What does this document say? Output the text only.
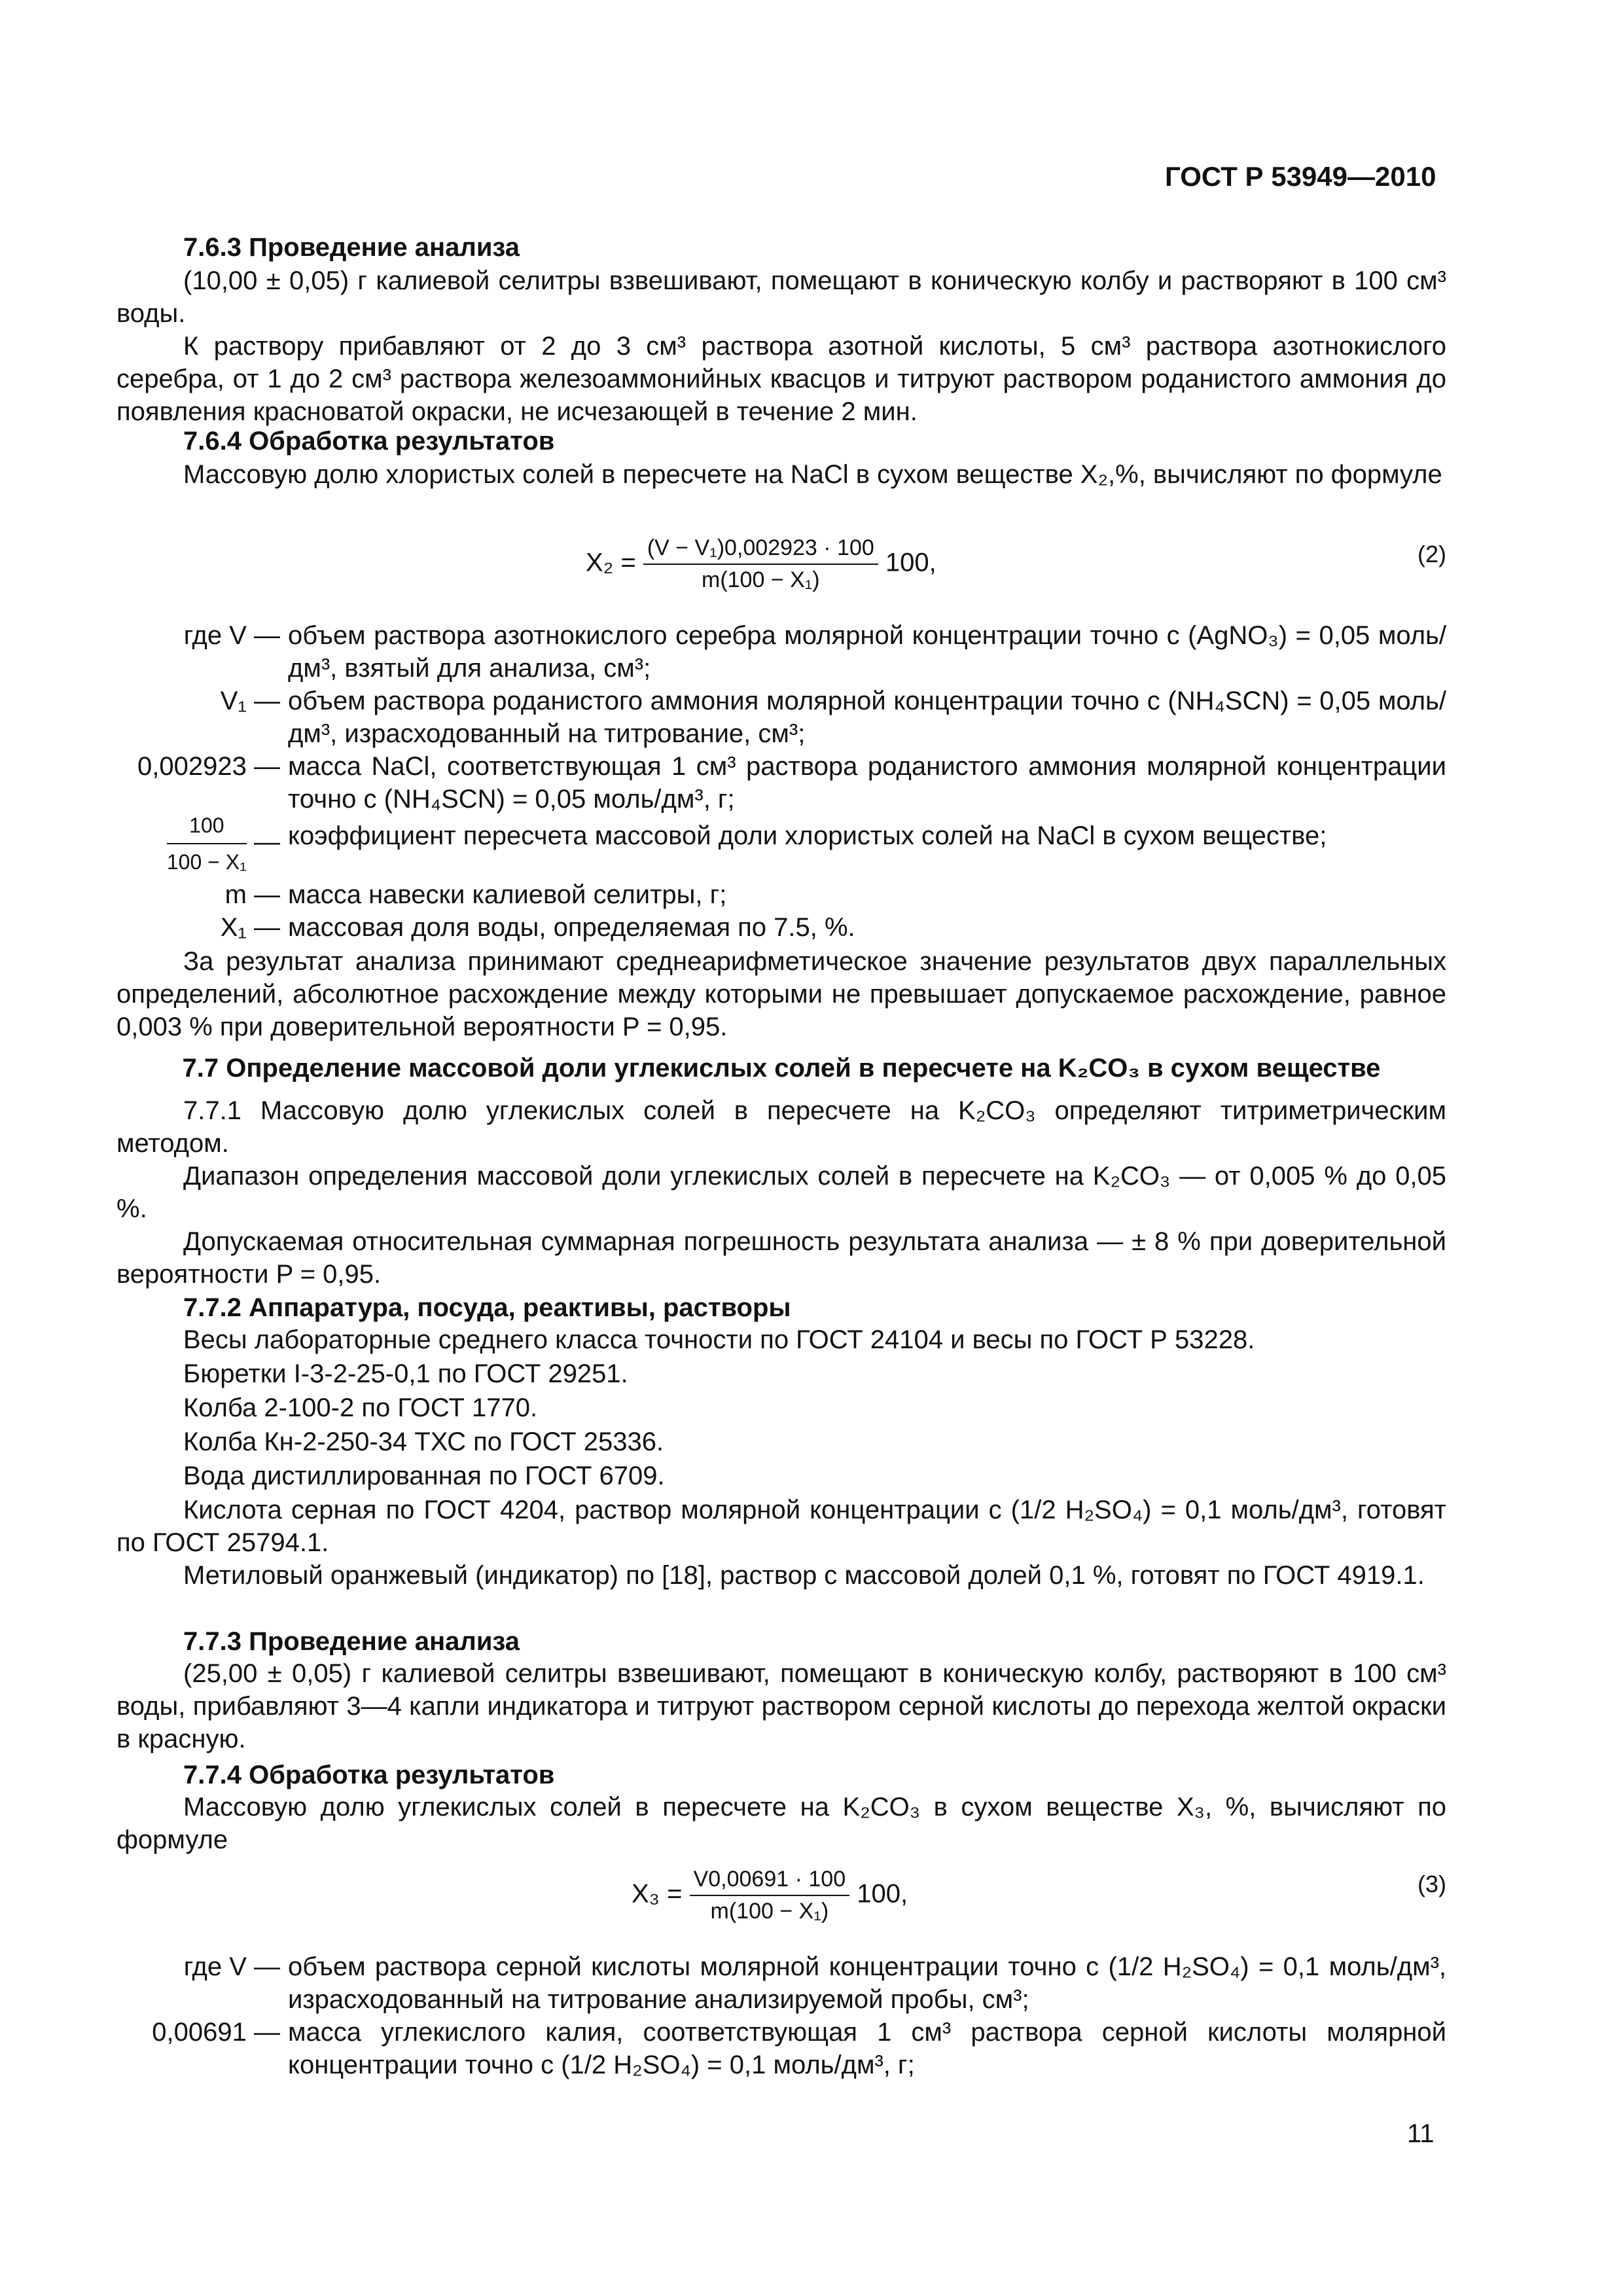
ГОСТ Р 53949—2010
7.6.3 Проведение анализа

(10,00 ± 0,05) г калиевой селитры взвешивают, помещают в коническую колбу и растворяют в 100 см³ воды.

К раствору прибавляют от 2 до 3 см³ раствора азотной кислоты, 5 см³ раствора азотнокислого серебра, от 1 до 2 см³ раствора железоаммонийных квасцов и титруют раствором роданистого аммония до появления красноватой окраски, не исчезающей в течение 2 мин.

7.6.4 Обработка результатов

Массовую долю хлористых солей в пересчете на NaCl в сухом веществе X₂,%, вычисляют по формуле

$X_2 = \frac{\text{(V − V₁)0,002923 · 100}}{\text{m(100 − X₁)}} 100$,	(2)
где V — объем раствора азотнокислого серебра молярной концентрации точно c (AgNO₃) = 0,05 моль/дм³, взятый для анализа, см³;
V₁ — объем раствора роданистого аммония молярной концентрации точно c (NH₄SCN) = 0,05 моль/дм³, израсходованный на титрование, см³;
0,002923 — масса NaCl, соответствующая 1 см³ раствора роданистого аммония молярной концентрации точно c (NH₄SCN) = 0,05 моль/дм³, г;
$\frac{100}{\text{100 − X₁}}$ — коэффициент пересчета массовой доли хлористых солей на NaCl в сухом веществе;
m — масса навески калиевой селитры, г;
X₁ — массовая доля воды, определяемая по 7.5, %.

За результат анализа принимают среднеарифметическое значение результатов двух параллельных определений, абсолютное расхождение между которыми не превышает допускаемое расхождение, равное 0,003 % при доверительной вероятности P = 0,95.

7.7 Определение массовой доли углекислых солей в пересчете на K₂CO₃ в сухом веществе

7.7.1 Массовую долю углекислых солей в пересчете на K₂CO₃ определяют титриметрическим методом.

Диапазон определения массовой доли углекислых солей в пересчете на K₂CO₃ — от 0,005 % до 0,05 %.

Допускаемая относительная суммарная погрешность результата анализа — ± 8 % при доверительной вероятности P = 0,95.

7.7.2 Аппаратура, посуда, реактивы, растворы
Весы лабораторные среднего класса точности по ГОСТ 24104 и весы по ГОСТ Р 53228.
Бюретки I-3-2-25-0,1 по ГОСТ 29251.
Колба 2-100-2 по ГОСТ 1770.
Колба Кн-2-250-34 ТХС по ГОСТ 25336.
Вода дистиллированная по ГОСТ 6709.

Кислота серная по ГОСТ 4204, раствор молярной концентрации c (1/2 H₂SO₄) = 0,1 моль/дм³, готовят по ГОСТ 25794.1.

Метиловый оранжевый (индикатор) по [18], раствор с массовой долей 0,1 %, готовят по ГОСТ 4919.1.

7.7.3 Проведение анализа

(25,00 ± 0,05) г калиевой селитры взвешивают, помещают в коническую колбу, растворяют в 100 см³ воды, прибавляют 3—4 капли индикатора и титруют раствором серной кислоты до перехода желтой окраски в красную.

7.7.4 Обработка результатов

Массовую долю углекислых солей в пересчете на K₂CO₃ в сухом веществе X₃, %, вычисляют по формуле

$X_3 = \frac{V0,00691 \cdot 100}{\text{m(100 − X₁)}} 100$,	(3)
где V — объем раствора серной кислоты молярной концентрации точно c (1/2 H₂SO₄) = 0,1 моль/дм³, израсходованный на титрование анализируемой пробы, см³;
0,00691 — масса углекислого калия, соответствующая 1 см³ раствора серной кислоты молярной концентрации точно c (1/2 H₂SO₄) = 0,1 моль/дм³, г;
11
